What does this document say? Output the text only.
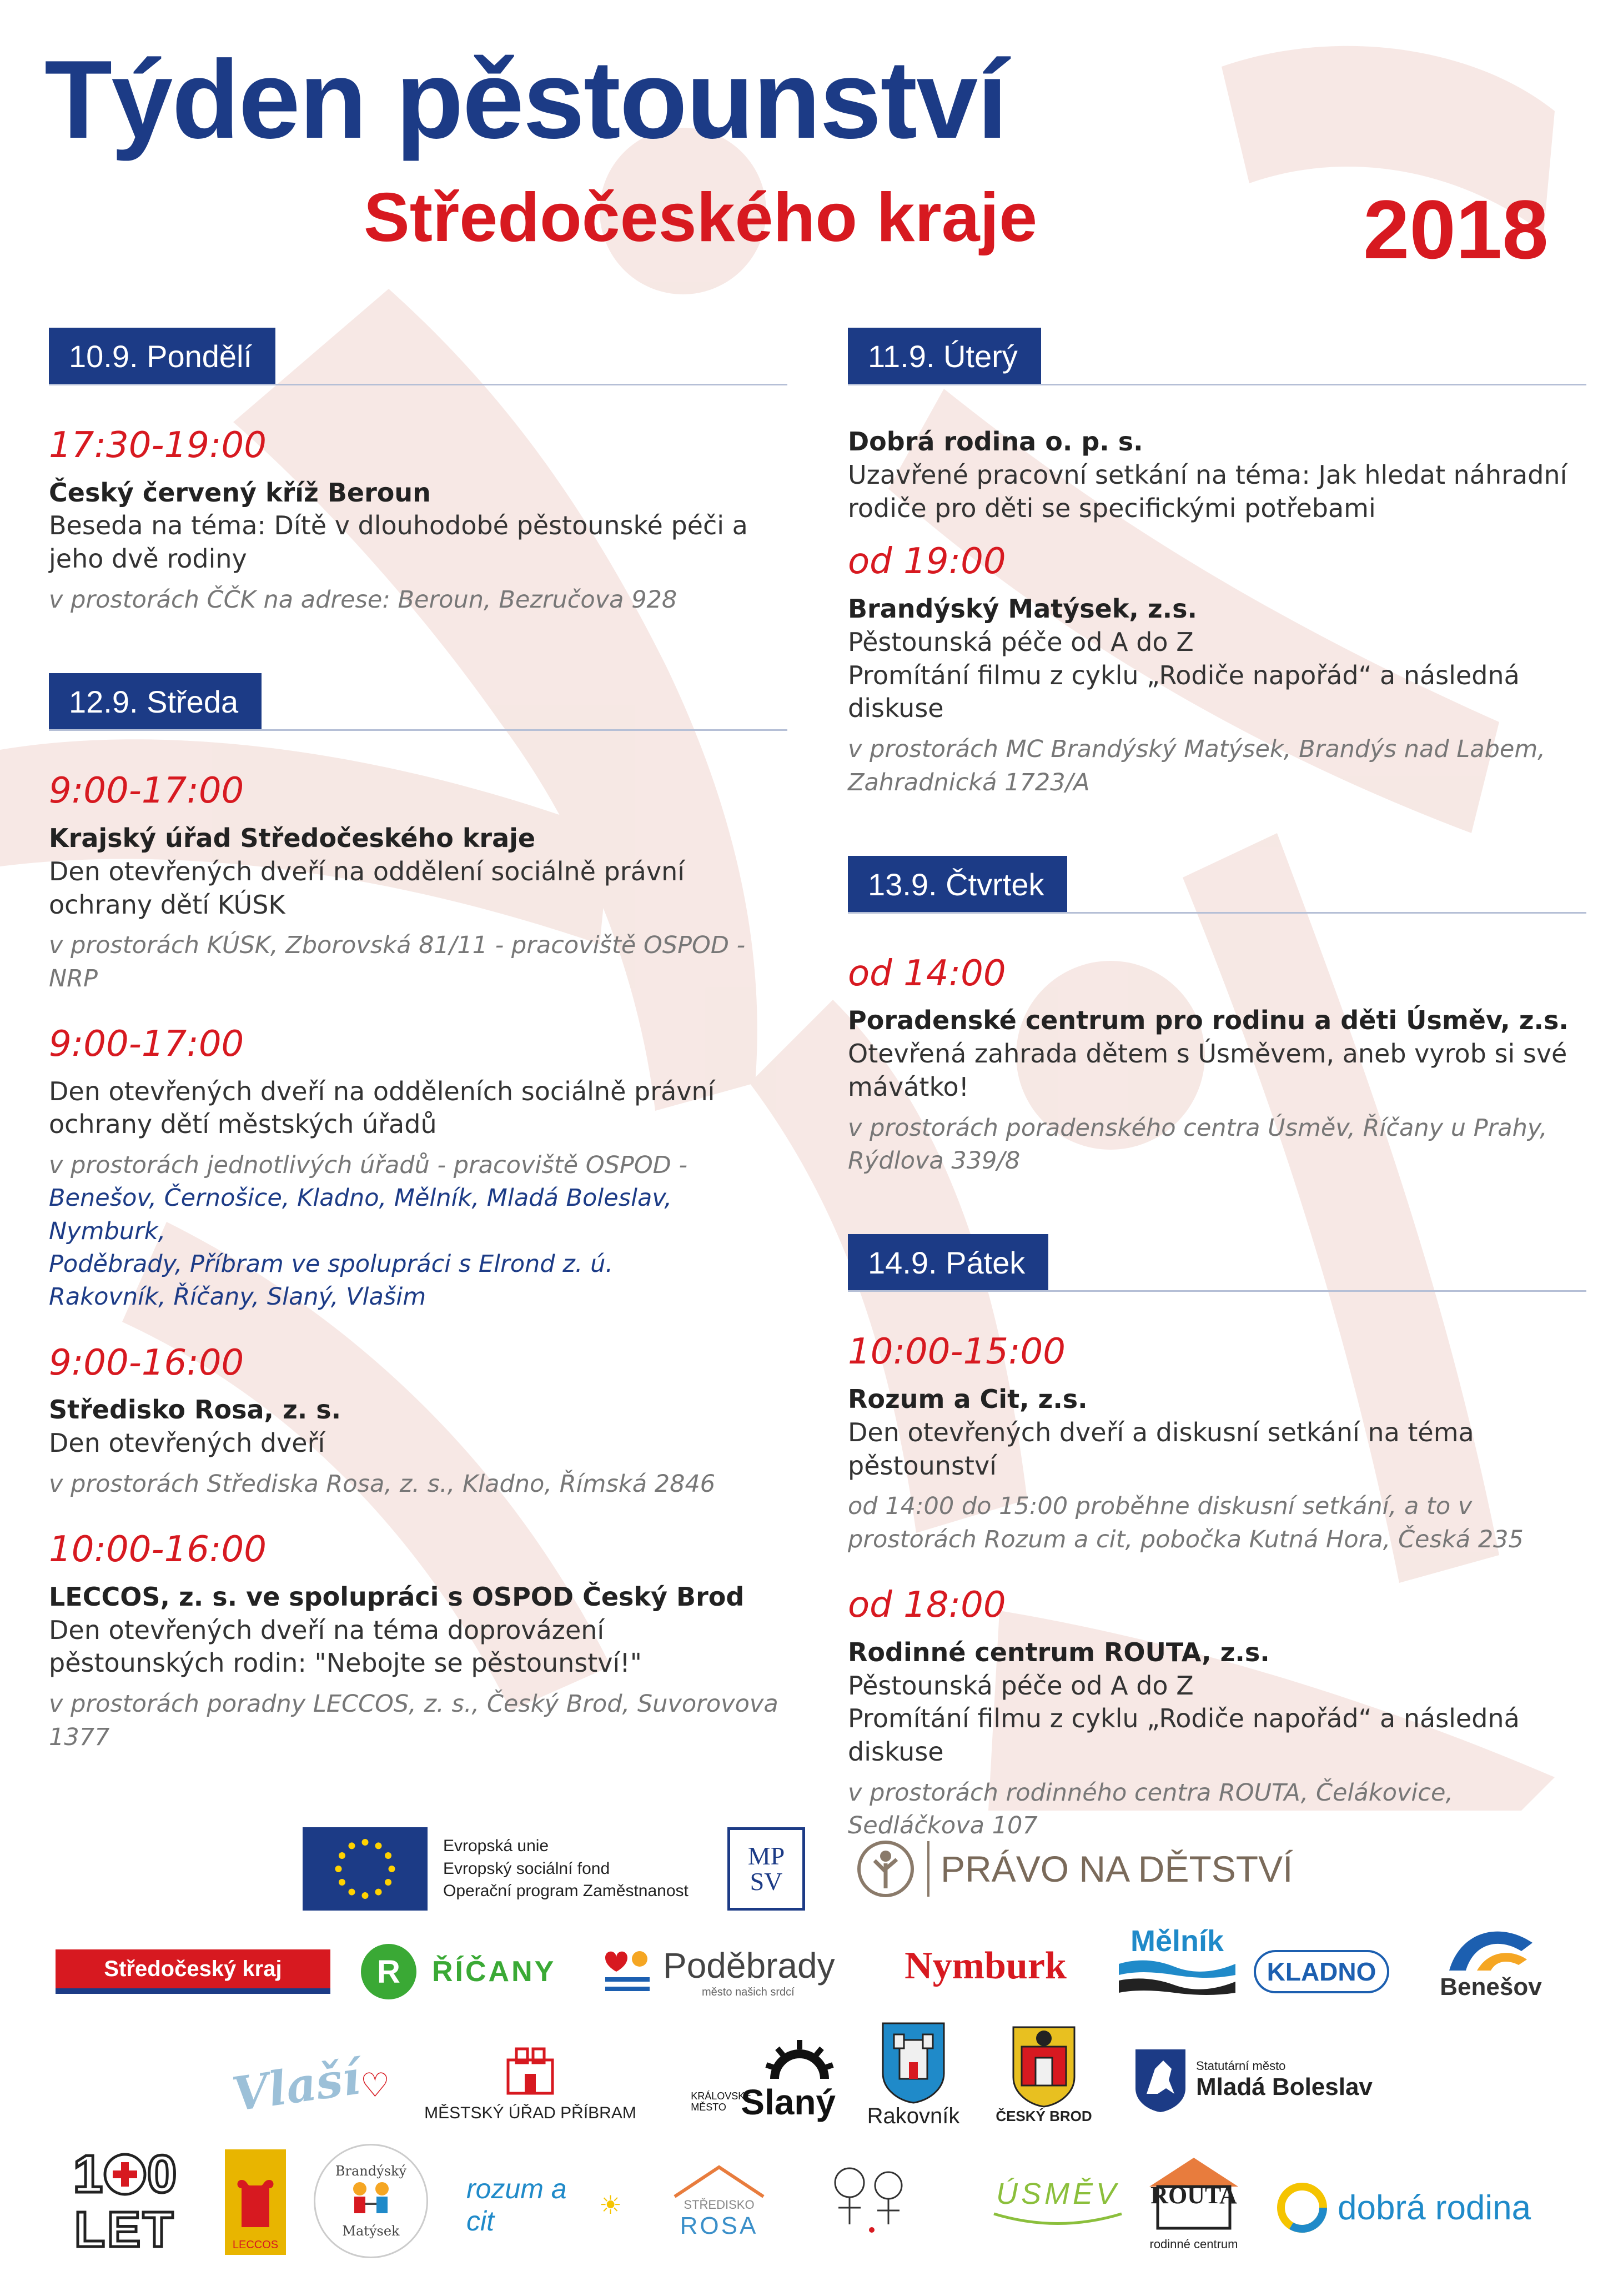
Týden pěstounství
Středočeského kraje	2018
10.9. Pondělí
17:30-19:00
Český červený kříž Beroun
Beseda na téma: Dítě v dlouhodobé pěstounské péči a jeho dvě rodiny
v prostorách ČČK na adrese: Beroun, Bezručova 928
12.9. Středa
9:00-17:00
Krajský úřad Středočeského kraje
Den otevřených dveří na oddělení sociálně právní ochrany dětí KÚSK
v prostorách KÚSK, Zborovská 81/11 - pracoviště OSPOD - NRP
9:00-17:00
Den otevřených dveří na odděleních sociálně právní ochrany dětí městských úřadů
v prostorách jednotlivých úřadů - pracoviště OSPOD -
Benešov, Černošice, Kladno, Mělník, Mladá Boleslav, Nymburk,
Poděbrady, Příbram ve spolupráci s Elrond z. ú.
Rakovník, Říčany, Slaný, Vlašim
9:00-16:00
Středisko Rosa, z. s.
Den otevřených dveří
v prostorách Střediska Rosa, z. s., Kladno, Římská 2846
10:00-16:00
LECCOS, z. s. ve spolupráci s OSPOD Český Brod
Den otevřených dveří na téma doprovázení pěstounských rodin: "Nebojte se pěstounství!"
v prostorách poradny LECCOS, z. s., Český Brod, Suvorovova 1377
11.9. Úterý
Dobrá rodina o. p. s.
Uzavřené pracovní setkání na téma: Jak hledat náhradní rodiče pro děti se specifickými potřebami
od 19:00
Brandýský Matýsek, z.s.
Pěstounská péče od A do Z
Promítání filmu z cyklu „Rodiče napořád“ a následná diskuse
v prostorách MC Brandýský Matýsek, Brandýs nad Labem, Zahradnická 1723/A
13.9. Čtvrtek
od 14:00
Poradenské centrum pro rodinu a děti Úsměv, z.s.
Otevřená zahrada dětem s Úsměvem, aneb vyrob si své mávátko!
v prostorách poradenského centra Úsměv, Říčany u Prahy, Rýdlova 339/8
14.9. Pátek
10:00-15:00
Rozum a Cit, z.s.
Den otevřených dveří a diskusní setkání na téma pěstounství
od 14:00 do 15:00 proběhne diskusní setkání, a to v prostorách Rozum a cit, pobočka Kutná Hora, Česká 235
od 18:00
Rodinné centrum ROUTA, z.s.
Pěstounská péče od A do Z
Promítání filmu z cyklu „Rodiče napořád“ a následná diskuse
v prostorách rodinného centra ROUTA, Čelákovice, Sedláčkova 107
Evropská unie
Evropský sociální fond
Operační program Zaměstnanost
MPSV	PRÁVO NA DĚTSTVÍ
Středočeský kraj	R	ŘÍČANY	Poděbrady
město našich srdcí
Nymburk
Mělník
KLADNO
Benešov
Vlaší
♡
MĚSTSKÝ ÚŘAD PŘÍBRAM
KRÁLOVSKÉ MĚSTO Slaný Rakovník ČESKÝ BROD
Statutární město
Mladá Boleslav
1 0
LET	LECCOS
Brandýský
Matýsek
rozum a cit
☀	STŘEDISKO
ROSA
ÚSMĚV ROUTA
rodinné centrum
dobrá rodina
